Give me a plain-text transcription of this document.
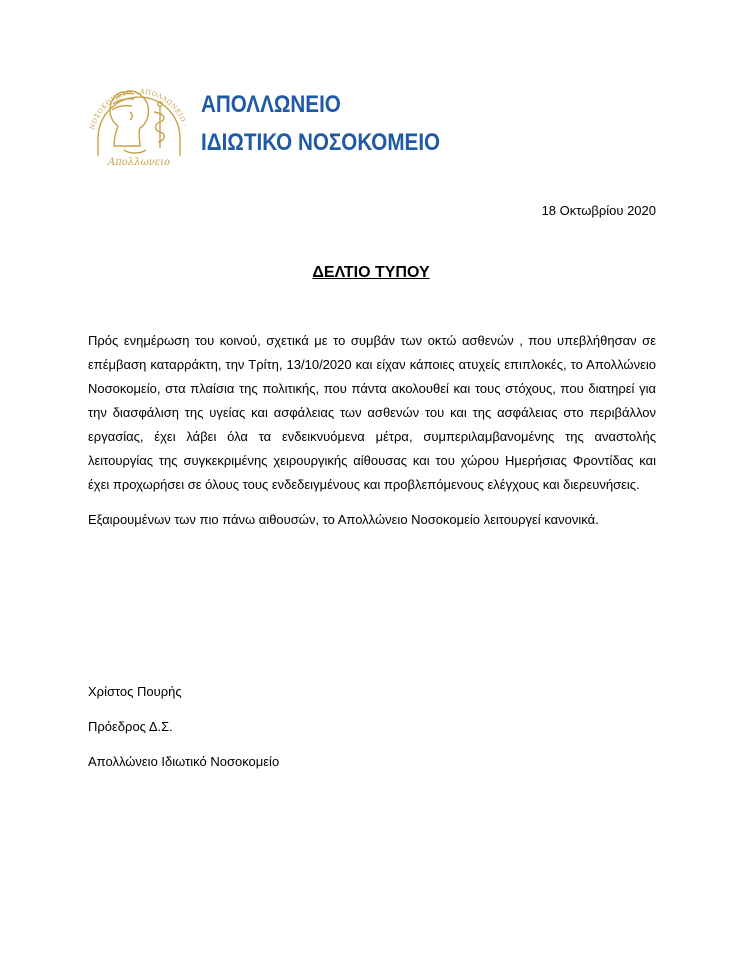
ΝΟΣΟΚΟΜΕΙΟ · ΑΠΟΛΛΩΝΕΙΟ ·
Απολλωνειο
ΑΠΟΛΛΩΝΕΙΟ
ΙΔΙΩΤΙΚΟ ΝΟΣΟΚΟΜΕΙΟ
18 Οκτωβρίου 2020
ΔΕΛΤΙΟ ΤΥΠΟΥ

Πρός ενημέρωση του κοινού, σχετικά με το συμβάν των οκτώ ασθενών , που υπεβλήθησαν σε επέμβαση καταρράκτη, την Τρίτη, 13/10/2020 και είχαν κάποιες ατυχείς επιπλοκές, το Απολλώνειο Νοσοκομείο, στα πλαίσια της πολιτικής, που πάντα ακολουθεί και τους στόχους, που διατηρεί για την διασφάλιση της υγείας και ασφάλειας των ασθενών του και της ασφάλειας στο περιβάλλον εργασίας, έχει λάβει όλα τα ενδεικνυόμενα μέτρα, συμπεριλαμβανομένης της αναστολής λειτουργίας της συγκεκριμένης χειρουργικής αίθουσας και του χώρου Ημερήσιας Φροντίδας και έχει προχωρήσει σε όλους τους ενδεδειγμένους και προβλεπόμενους ελέγχους και διερευνήσεις.

Εξαιρουμένων των πιο πάνω αιθουσών, το Απολλώνειο Νοσοκομείο λειτουργεί κανονικά.

Χρίστος Πουρής
Πρόεδρος Δ.Σ.
Απολλώνειο Ιδιωτικό Νοσοκομείο
